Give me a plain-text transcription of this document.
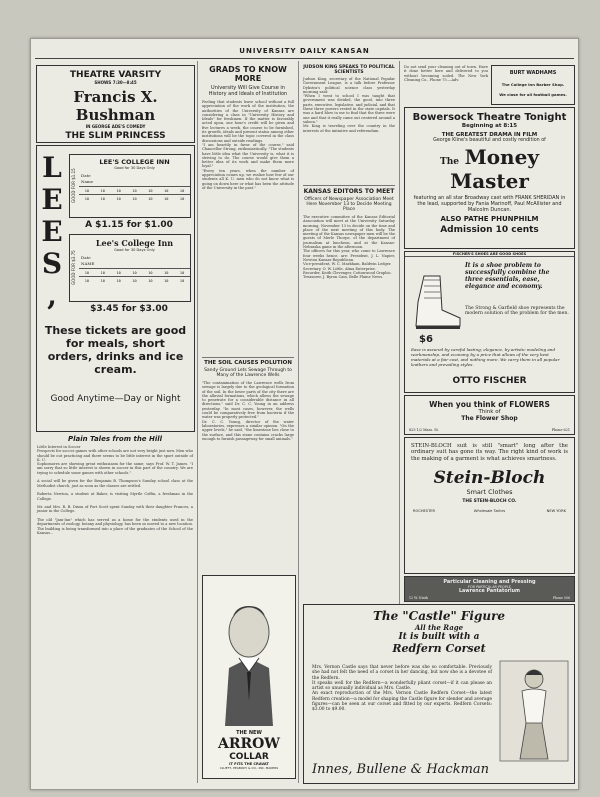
UNIVERSITY DAILY KANSAN
THEATRE VARSITY
SHOWS 7:30—8:45
Francis X. Bushman
IN GEORGE ADE'S COMEDY
THE SLIM PRINCESS
L
E
E
S
,
GOOD FOR $1.15
LEE'S COLLEGE INN
Good for 30 Days Only
Date
Name
10	10	10	10	10	10	10
10	10	10	10	10	10	10
A $1.15 for $1.00
GOOD FOR $3.75
Lee's College Inn
Good for 30 Days Only
Date
NAME
10	10	10	10	10	10	10
10	10	10	10	10	10	10
$3.45 for $3.00
These tickets are good for meals, short orders, drinks and ice cream.
Good Anytime—Day or Night
Plain Tales from the Hill
Little Interest in Soccer
Prospects for soccer games with other schools are not very bright just now. Men who should be out practicing and there seems to be little interest in the sport outside of K. U.
Sophomores are showing great enthusiasm for the same; says Prof. W. T. James. "I am sorry that so little interest is shown in soccer in this part of the country. We are trying to schedule some games with other schools."

A social will be given for the Benjamin B. Thompson's Sunday school class at the Methodist church, just as soon as the classes are settled.

Roberta Newton, a student at Baker, is visiting Myrtle Coffin, a freshman in the College.

Mr. and Mrs. R. B. Dixon of Fort Scott spent Sunday with their daughter Frances, a junior in the College.

The old "Jam-Inn" which has served as a home for the students used in the departments of zoology, botany and physiology, has been so moved to a new location. The building is being transformed into a place of the graduates of the School of the Kansas...
GRADS TO KNOW MORE
University Will Give Course in History and Ideals of Institution
Feeling that students leave school without a full appreciation of the work of the institution, the authorities of the University of Kansas are considering a class in "University History and Ideals" for freshmen. If the matter is favorably acted upon, one hour's credit will be given and five lectures a week, the course to be furnished, its growth, ideals and present status among other institutions will be the topic covered in the class discussions and outside readings.
"I am heartily in favor of the course," said Chancellor Strong, enthusiastically. "The students have little idea what the University is, what it is striving to do. The course would give them a better idea of its work and make them more loyal."
"Every ten years, when the number of appreciation comes up, we realize how few of our students all K. U. men who do not know what is going on down here or what has been the attitude of the University in the past."
THE SOIL CAUSES POLUTION
Sandy Ground Lets Sewage Through to Many of the Lawrence Wells
"The contamination of the Lawrence wells from sewage is largely due to the geological formation of the soil. In the lower parts of the city there are the alluvial formations, which allows the sewage to penetrate for a considerable distance in all directions," said Dr. C. C. Young in an address yesterday. "In most cases, however, the wells could be comparatively free from bacteria if the water was properly protected."
Dr. C. C. Young, director of the water laboratories, expresses a similar opinion. "On the upper levels," he said, "the limestone lies close to the surface, and this stone contains cracks large enough to furnish passageway for small animals."
THE NEW
ARROW
COLLAR
IT FITS THE CRAVAT
CLUETT, PEABODY & CO., INC. MAKERS
JUDSON KING SPEAKS TO POLITICAL SCIENTISTS
Judson King, secretary of the National Popular Government League, is a talk before Professor Dykstra's political science class yesterday morning said:
"When I went to school I was taught that government was divided, the good, into three parts, executive, legislative, and judicial, and that these three powers rested in the state capitals. It was a hard blow to me to find that the three were one and that it really came out centered around a saloon."
Mr. King is traveling over the country in the interests of the initiative and referendum.
KANSAS EDITORS TO MEET
Officers of Newspaper Association Meet Here November 13 to Decide Meeting Place
The executive committee of the Kansas Editorial Association will meet at the University Saturday morning, November 13 to decide on the time and place of the next meeting of this body. The meeting of the Kansas newspaper men will be the guests of Merle Thorpe, of the department of journalism at luncheon, and at the Kansas-Nebraska game in the afternoon.
The officers for this year, who come to Lawrence four weeks hence, are: President, J. L. Napier, Newton Kansas-Republican.
Vice-president, W. C. Markham, Baldwin Ledger.
Secretary, O. W. Little, Alma Enterprise.
Recorder, Keith Clevenger, Cottonwood Graphic.
Treasurer, J. Byron Cain, Belle Plaine News.
Do not send your cleaning out of town. Have it done better here and delivered to you without becoming soiled. The New York Cleaning Co., Phone 75.—Adv.
BURT WADHAMS
The College Inn Barber Shop.
We close for all football games.
Bowersock Theatre Tonight
Beginning at 8:15
THE GREATEST DRAMA IN FILM
George Kline's beautiful and costly rendition of
The Money Master
featuring an all star Broadway cast with FRANK SHERIDAN in the lead, supported by Fania Marinoff, Paul McAllister and Malcolm Duncan.
ALSO PATHE PHUNPHILM
Admission 10 cents
FISCHER'S SHOES ARE GOOD SHOES
$6
It is a shoe problem to successfully combine the three essentials, ease, elegance and economy.
The Strong & Garfield shoe represents the modern solution of the problem for the men.
Ease is assured by careful lasting; elegance, by artistic modeling and workmanship, and economy by a price that allows of the very best materials at a fair cost, and nothing more. We carry them in all popular leathers and prevailing styles.
OTTO FISCHER
When you think of FLOWERS
Think of
The Flower Shop
825 1/2 Mass. St.	Phone 621
STEIN-BLOCH suit is still "smart" long after the ordinary suit has gone its way. The right kind of work is the making of a garment is what achieves smartness.
Stein-Bloch
Smart Clothes
THE STEIN-BLOCH CO.
ROCHESTER	Wholesale Tailors	NEW YORK
Particular Cleaning and Pressing
FOR PARTICULAR PEOPLE
Lawrence Pantatorium
12 W. Ninth	Phone 506
The "Castle" Figure
All the Rage
It is built with a
Redfern Corset
Mrs. Vernon Castle says that never before was she so comfortable. Previously she had not felt the need of a corset in her dancing, but now she is a devotee of the Redfern.
It speaks well for the Redfern—a wonderfully pliant corset—if it can please an artist so unusually individual as Mrs. Castle.
An exact reproduction of the Mrs. Vernon Castle Redfern Corset—the latest Redfern creation—a model for shaping the Castle figure for slender and average figures—can be seen at our corset and fitted by our experts. Redfern Corsets: $3.00 to $9.00.
Innes, Bullene & Hackman
